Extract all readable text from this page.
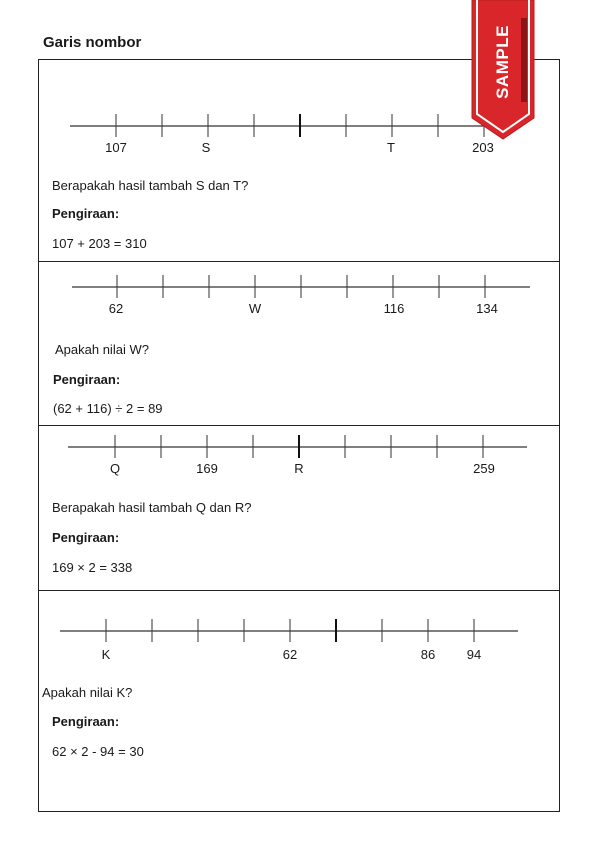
Garis nombor
107	S	T	203
Berapakah hasil tambah S dan T?
Pengiraan:
107 + 203 = 310
62	W	116	134
Apakah nilai W?
Pengiraan:
(62 + 116) ÷ 2 = 89
Q	169	R	259
Berapakah hasil tambah Q dan R?
Pengiraan:
169 × 2 = 338
K	62	86 94
Apakah nilai K?
Pengiraan:
62 × 2 - 94 = 30
SAMPLE
